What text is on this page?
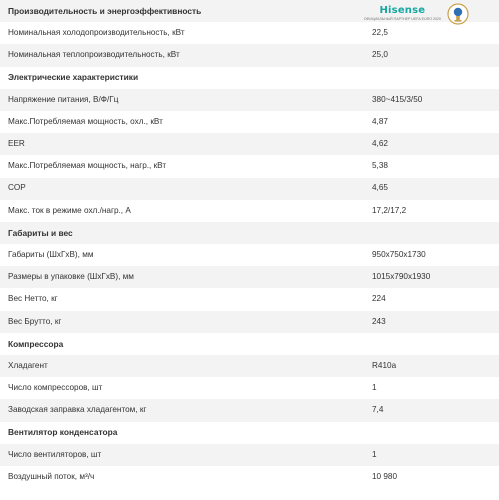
Производительность и энергоэффективность
Номинальная холодопроизводительность, кВт	22,5
Номинальная теплопроизводительность, кВт	25,0
Электрические характеристики
Напряжение питания, В/Ф/Гц	380~415/3/50
Макс.Потребляемая мощность, охл., кВт	4,87
EER	4,62
Макс.Потребляемая мощность, нагр., кВт	5,38
COP	4,65
Макс. ток в режиме охл./нагр., А	17,2/17,2
Габариты и вес
Габариты (ШхГхВ), мм	950x750x1730
Размеры в упаковке (ШхГхВ), мм	1015x790x1930
Вес Нетто, кг	224
Вес Брутто, кг	243
Компрессора
Хладагент	R410a
Число компрессоров, шт	1
Заводская заправка хладагентом, кг	7,4
Вентилятор конденсатора
Число вентиляторов, шт	1
Воздушный поток, м³/ч	10 980
Hisense
ОФИЦИАЛЬНЫЙ ПАРТНЕР UEFA EURO 2020
